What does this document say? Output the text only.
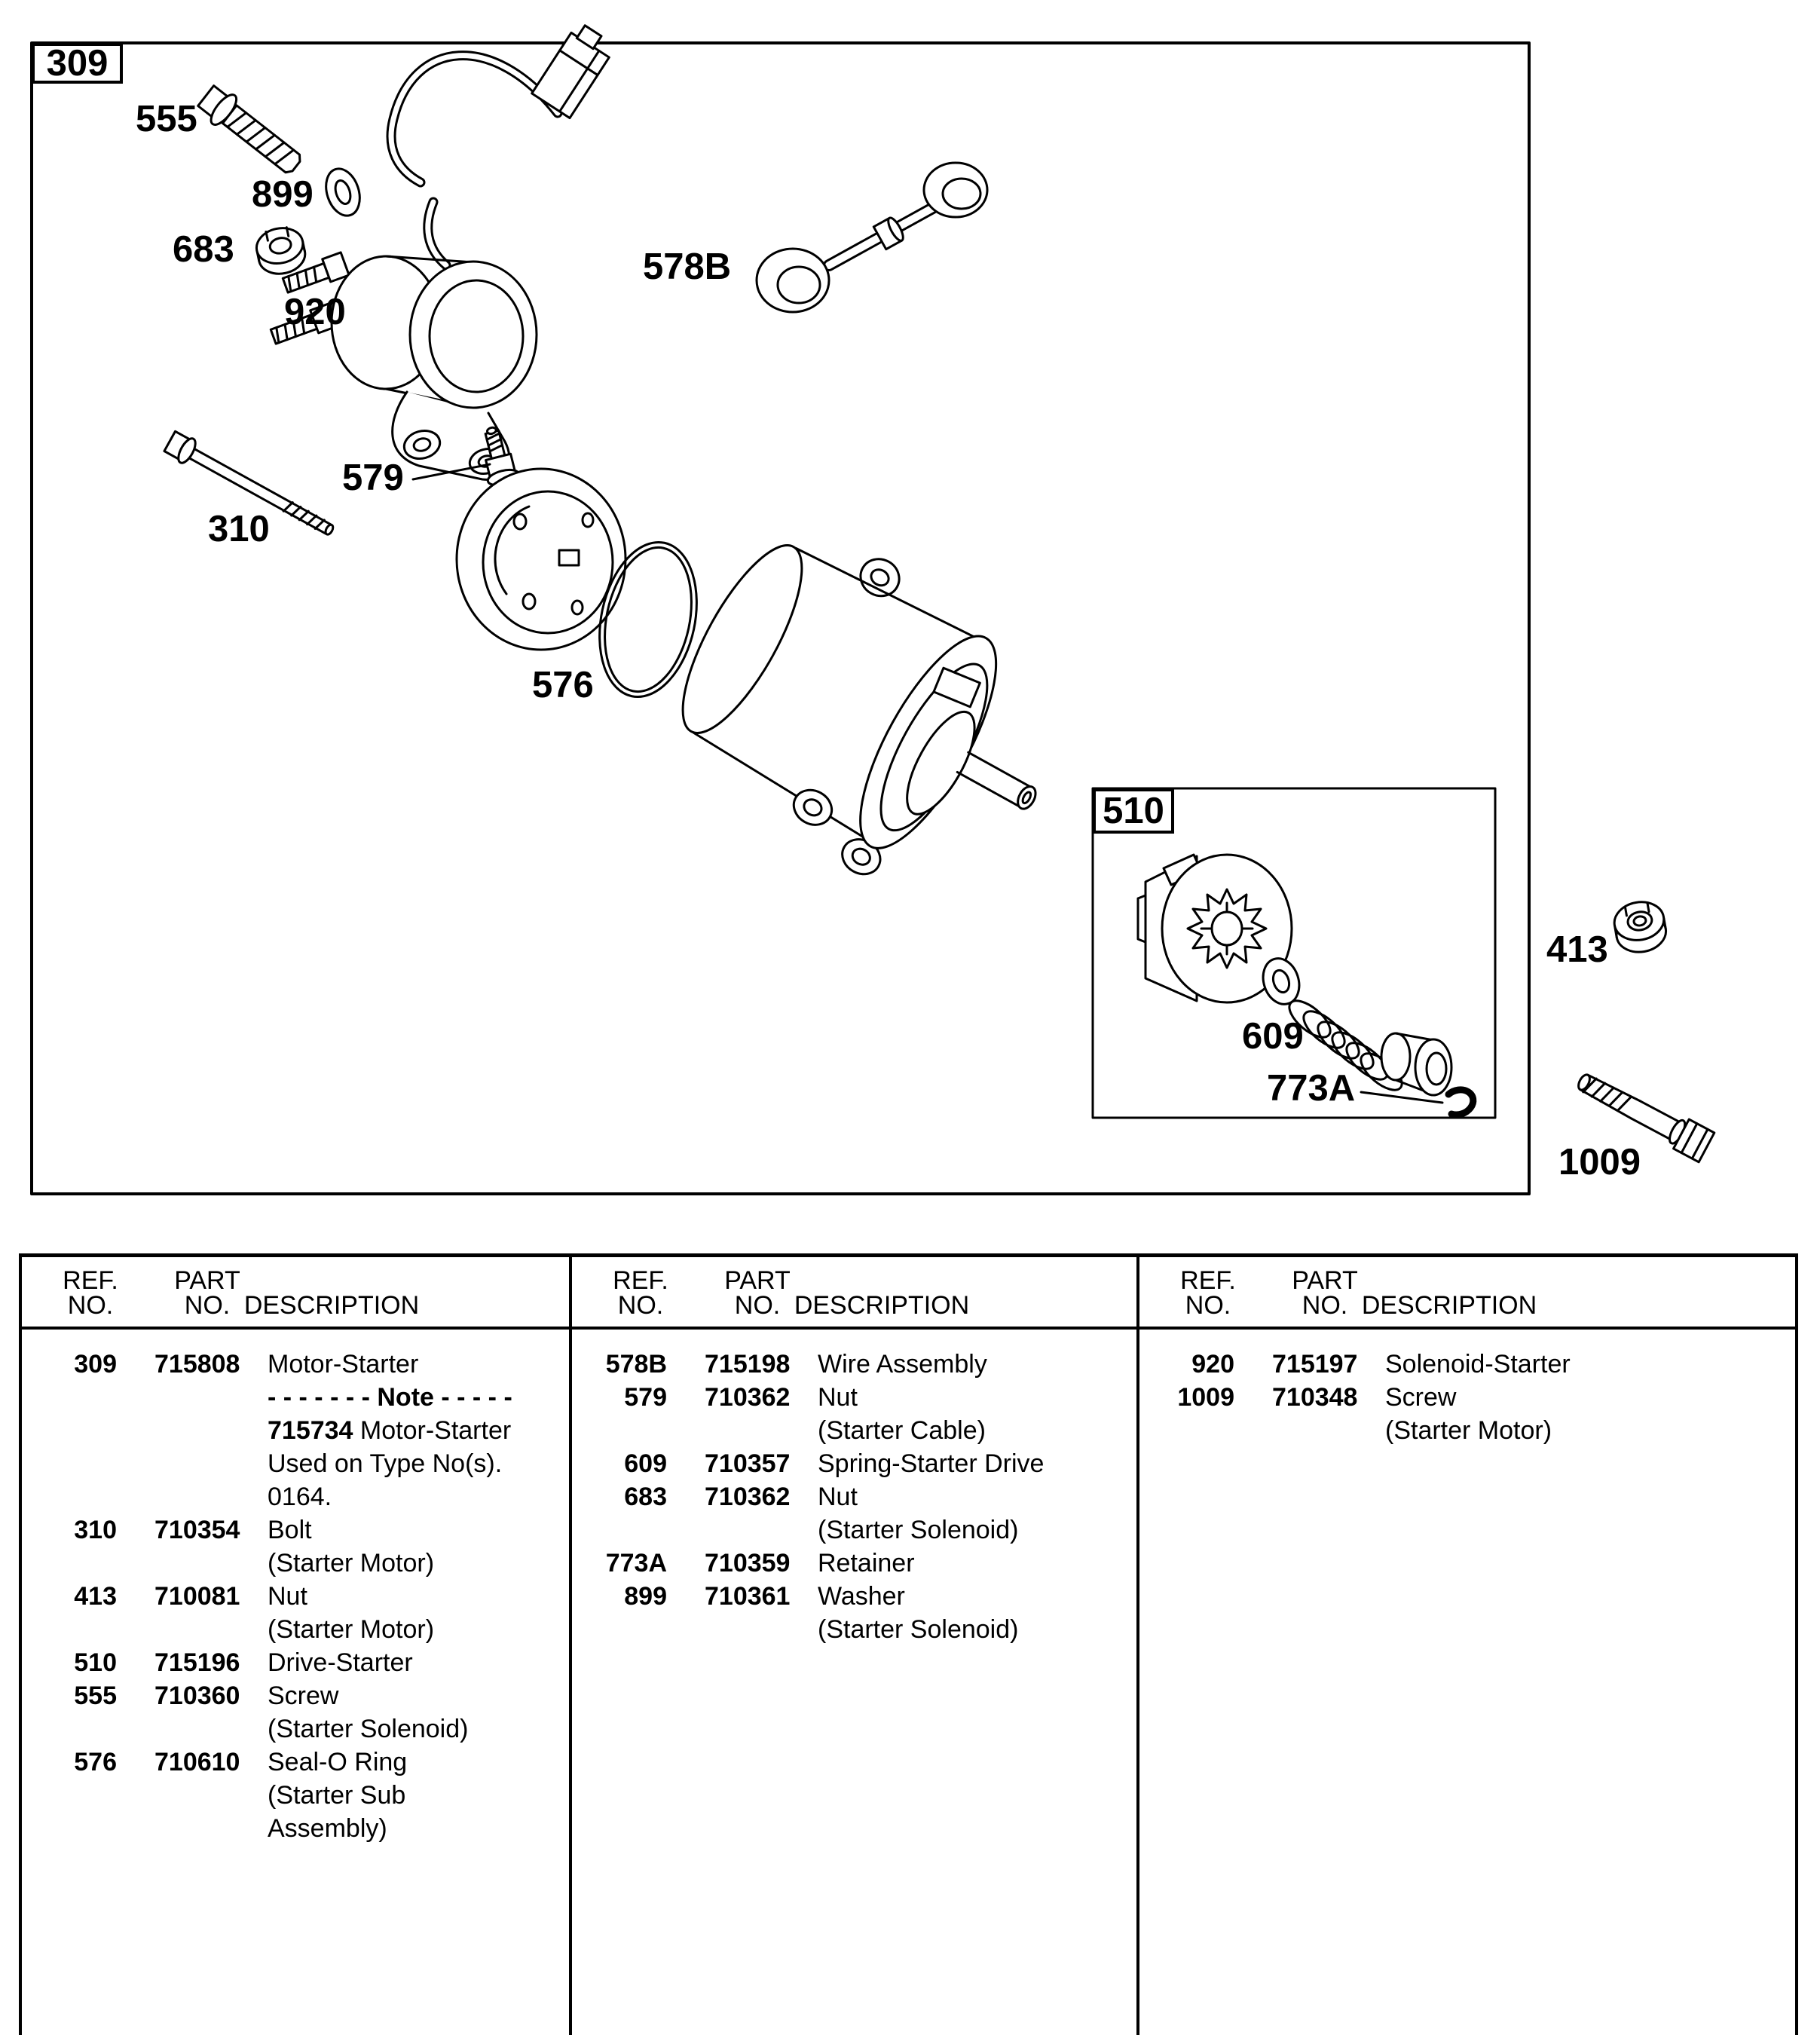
309
510
555
899
683
920
578B
579
310
576
609
773A
413
1009
REF.
NO.
PART
NO. DESCRIPTION
REF.
NO.
PART
NO. DESCRIPTION
REF.
NO.
PART
NO. DESCRIPTION
309 715808 Motor-Starter
- - - - - - - Note - - - - -
715734 Motor-Starter
Used on Type No(s).
0164.
310 710354 Bolt
(Starter Motor)
413 710081 Nut
(Starter Motor)
510 715196 Drive-Starter
555 710360 Screw
(Starter Solenoid)
576 710610 Seal-O Ring
(Starter Sub
Assembly)
578B 715198 Wire Assembly
579 710362 Nut
(Starter Cable)
609 710357 Spring-Starter Drive
683 710362 Nut
(Starter Solenoid)
773A 710359 Retainer
899 710361 Washer
(Starter Solenoid)
920 715197 Solenoid-Starter
1009 710348 Screw
(Starter Motor)
